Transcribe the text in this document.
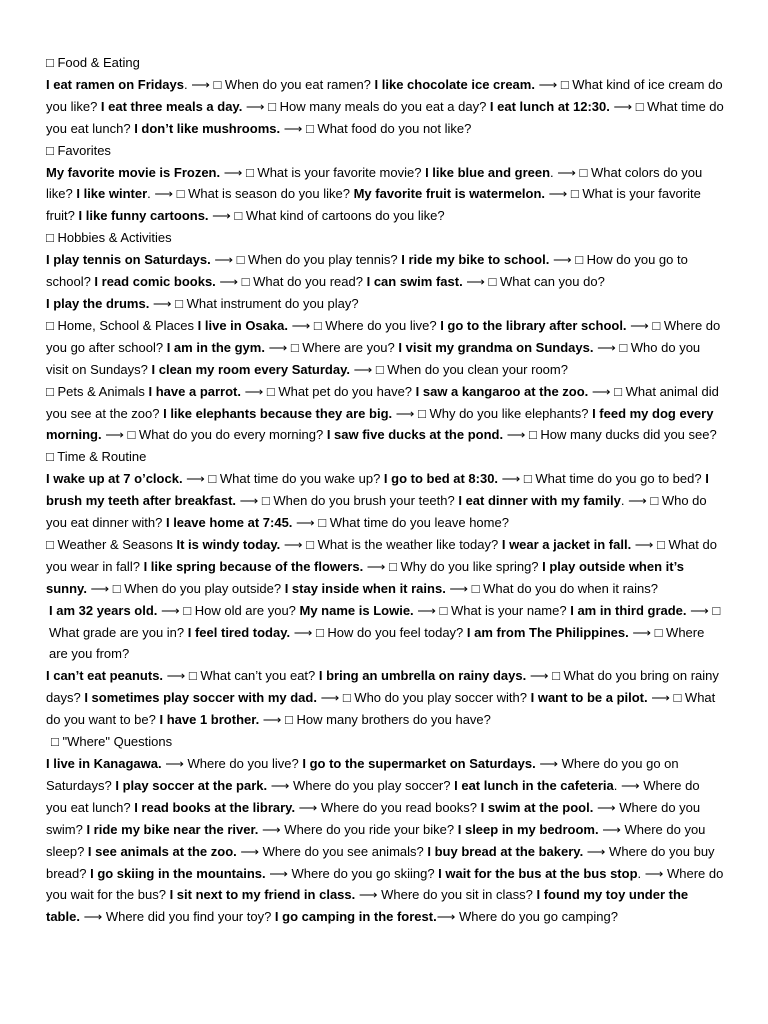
□ Food & Eating

I eat ramen on Fridays. ⟶ □ When do you eat ramen? I like chocolate ice cream. ⟶ □ What kind of ice cream do you like? I eat three meals a day. ⟶ □ How many meals do you eat a day? I eat lunch at 12:30. ⟶ □ What time do you eat lunch? I don’t like mushrooms. ⟶ □ What food do you not like?

□ Favorites

My favorite movie is Frozen. ⟶ □ What is your favorite movie? I like blue and green. ⟶ □ What colors do you like? I like winter. ⟶ □ What is season do you like? My favorite fruit is watermelon. ⟶ □ What is your favorite fruit? I like funny cartoons. ⟶ □ What kind of cartoons do you like?

□ Hobbies & Activities

I play tennis on Saturdays. ⟶ □ When do you play tennis? I ride my bike to school. ⟶ □ How do you go to school? I read comic books. ⟶ □ What do you read? I can swim fast. ⟶ □ What can you do?

I play the drums. ⟶ □ What instrument do you play?

□ Home, School & Places I live in Osaka. ⟶ □ Where do you live? I go to the library after school. ⟶ □ Where do you go after school? I am in the gym. ⟶ □ Where are you? I visit my grandma on Sundays. ⟶ □ Who do you visit on Sundays? I clean my room every Saturday. ⟶ □ When do you clean your room?

□ Pets & Animals I have a parrot. ⟶ □ What pet do you have? I saw a kangaroo at the zoo. ⟶ □ What animal did you see at the zoo? I like elephants because they are big. ⟶ □ Why do you like elephants? I feed my dog every morning. ⟶ □ What do you do every morning? I saw five ducks at the pond. ⟶ □ How many ducks did you see?

□ Time & Routine

I wake up at 7 o’clock. ⟶ □ What time do you wake up? I go to bed at 8:30. ⟶ □ What time do you go to bed? I brush my teeth after breakfast. ⟶ □ When do you brush your teeth? I eat dinner with my family. ⟶ □ Who do you eat dinner with? I leave home at 7:45. ⟶ □ What time do you leave home?

□ Weather & Seasons It is windy today. ⟶ □ What is the weather like today? I wear a jacket in fall. ⟶ □ What do you wear in fall? I like spring because of the flowers. ⟶ □ Why do you like spring? I play outside when it’s sunny. ⟶ □ When do you play outside? I stay inside when it rains. ⟶ □ What do you do when it rains?

I am 32 years old. ⟶ □ How old are you? My name is Lowie. ⟶ □ What is your name? I am in third grade. ⟶ □ What grade are you in? I feel tired today. ⟶ □ How do you feel today? I am from The Philippines. ⟶ □ Where are you from?

I can’t eat peanuts. ⟶ □ What can’t you eat? I bring an umbrella on rainy days. ⟶ □ What do you bring on rainy days? I sometimes play soccer with my dad. ⟶ □ Who do you play soccer with? I want to be a pilot. ⟶ □ What do you want to be? I have 1 brother. ⟶ □ How many brothers do you have?

□ "Where" Questions

I live in Kanagawa. ⟶ Where do you live? I go to the supermarket on Saturdays. ⟶ Where do you go on Saturdays? I play soccer at the park. ⟶ Where do you play soccer? I eat lunch in the cafeteria. ⟶ Where do you eat lunch? I read books at the library. ⟶ Where do you read books? I swim at the pool. ⟶ Where do you swim? I ride my bike near the river. ⟶ Where do you ride your bike? I sleep in my bedroom. ⟶ Where do you sleep? I see animals at the zoo. ⟶ Where do you see animals? I buy bread at the bakery. ⟶ Where do you buy bread? I go skiing in the mountains. ⟶ Where do you go skiing? I wait for the bus at the bus stop. ⟶ Where do you wait for the bus? I sit next to my friend in class. ⟶ Where do you sit in class? I found my toy under the table. ⟶ Where did you find your toy? I go camping in the forest.⟶ Where do you go camping?
